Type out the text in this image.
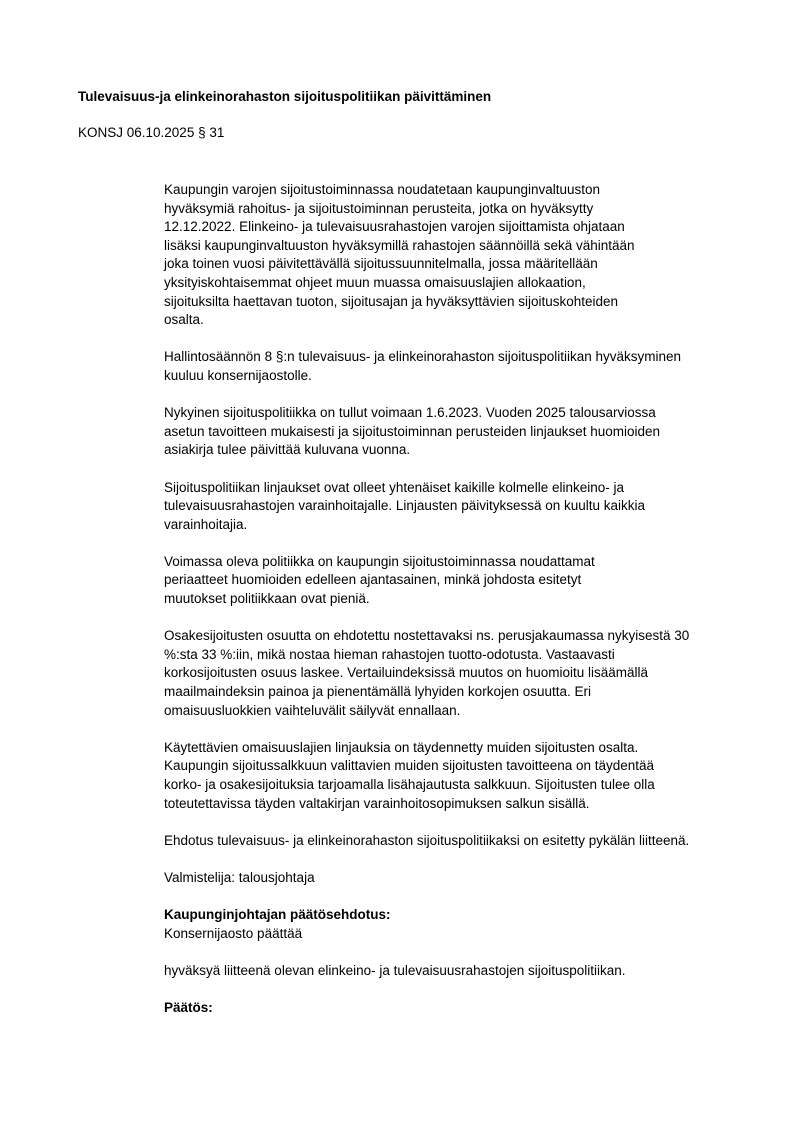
Tulevaisuus-ja elinkeinorahaston sijoituspolitiikan päivittäminen
KONSJ 06.10.2025 § 31
Kaupungin varojen sijoitustoiminnassa noudatetaan kaupunginvaltuuston
hyväksymiä rahoitus- ja sijoitustoiminnan perusteita, jotka on hyväksytty
12.12.2022. Elinkeino- ja tulevaisuusrahastojen varojen sijoittamista ohjataan
lisäksi kaupunginvaltuuston hyväksymillä rahastojen säännöillä sekä vähintään
joka toinen vuosi päivitettävällä sijoitussuunnitelmalla, jossa määritellään
yksityiskohtaisemmat ohjeet muun muassa omaisuuslajien allokaation,
sijoituksilta haettavan tuoton, sijoitusajan ja hyväksyttävien sijoituskohteiden
osalta.
Hallintosäännön 8 §:n tulevaisuus- ja elinkeinorahaston sijoituspolitiikan hyväksyminen
kuuluu konsernijaostolle.
Nykyinen sijoituspolitiikka on tullut voimaan 1.6.2023. Vuoden 2025 talousarviossa
asetun tavoitteen mukaisesti ja sijoitustoiminnan perusteiden linjaukset huomioiden
asiakirja tulee päivittää kuluvana vuonna.
Sijoituspolitiikan linjaukset ovat olleet yhtenäiset kaikille kolmelle elinkeino- ja
tulevaisuusrahastojen varainhoitajalle. Linjausten päivityksessä on kuultu kaikkia
varainhoitajia.
Voimassa oleva politiikka on kaupungin sijoitustoiminnassa noudattamat
periaatteet huomioiden edelleen ajantasainen, minkä johdosta esitetyt
muutokset politiikkaan ovat pieniä.
Osakesijoitusten osuutta on ehdotettu nostettavaksi ns. perusjakaumassa nykyisestä 30
%:sta 33 %:iin, mikä nostaa hieman rahastojen tuotto-odotusta. Vastaavasti
korkosijoitusten osuus laskee. Vertailuindeksissä muutos on huomioitu lisäämällä
maailmaindeksin painoa ja pienentämällä lyhyiden korkojen osuutta. Eri
omaisuusluokkien vaihteluvälit säilyvät ennallaan.
Käytettävien omaisuuslajien linjauksia on täydennetty muiden sijoitusten osalta.
Kaupungin sijoitussalkkuun valittavien muiden sijoitusten tavoitteena on täydentää
korko- ja osakesijoituksia tarjoamalla lisähajautusta salkkuun. Sijoitusten tulee olla
toteutettavissa täyden valtakirjan varainhoitosopimuksen salkun sisällä.
Ehdotus tulevaisuus- ja elinkeinorahaston sijoituspolitiikaksi on esitetty pykälän liitteenä.
Valmistelija: talousjohtaja
Kaupunginjohtajan päätösehdotus:
Konsernijaosto päättää
hyväksyä liitteenä olevan elinkeino- ja tulevaisuusrahastojen sijoituspolitiikan.
Päätös:
